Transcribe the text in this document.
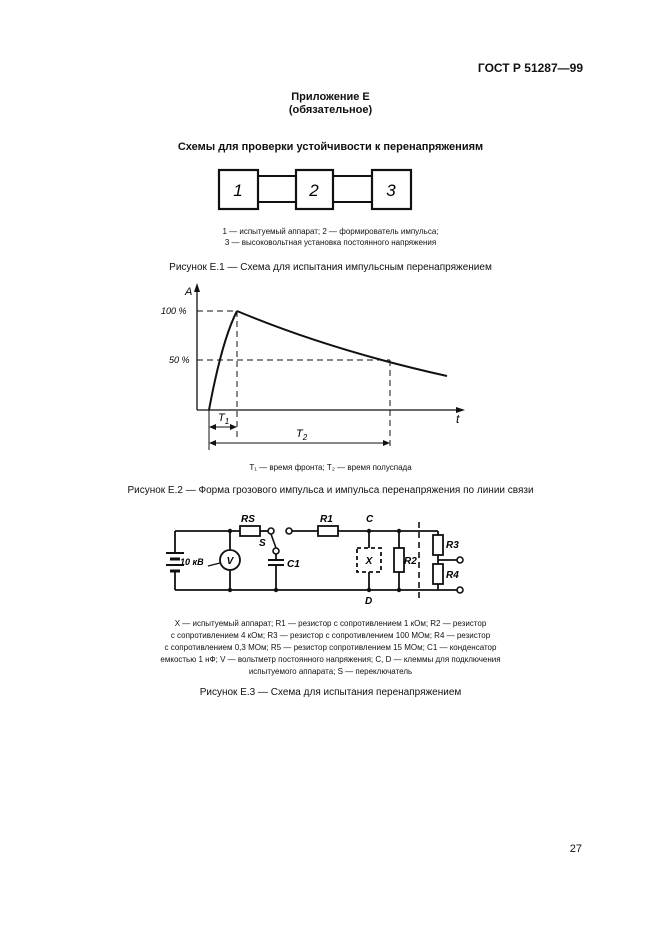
ГОСТ Р 51287—99
Приложение Е
(обязательное)
Схемы для проверки устойчивости к перенапряжениям
1	2	3
1 — испытуемый аппарат; 2 — формирователь импульса;
3 — высоковольтная установка постоянного напряжения
Рисунок Е.1 — Схема для испытания импульсным перенапряжением
A
t
100 %
50 %
$T_1$
$T_2$
T₁ — время фронта; T₂ — время полуспада
Рисунок Е.2 — Форма грозового импульса и импульса перенапряжения по линии связи
10 кВ V
RS
S
R1	C
C1	X	R2
R3
R4
D
X — испытуемый аппарат; R1 — резистор с сопротивлением 1 кОм; R2 — резистор
с сопротивлением 4 кОм; R3 — резистор с сопротивлением 100 МОм; R4 — резистор
с сопротивлением 0,3 МОм; R5 — резистор сопротивлением 15 МОм; C1 — конденсатор
емкостью 1 нФ; V — вольтметр постоянного напряжения; C, D — клеммы для подключения
испытуемого аппарата; S — переключатель
Рисунок Е.3 — Схема для испытания перенапряжением
27
